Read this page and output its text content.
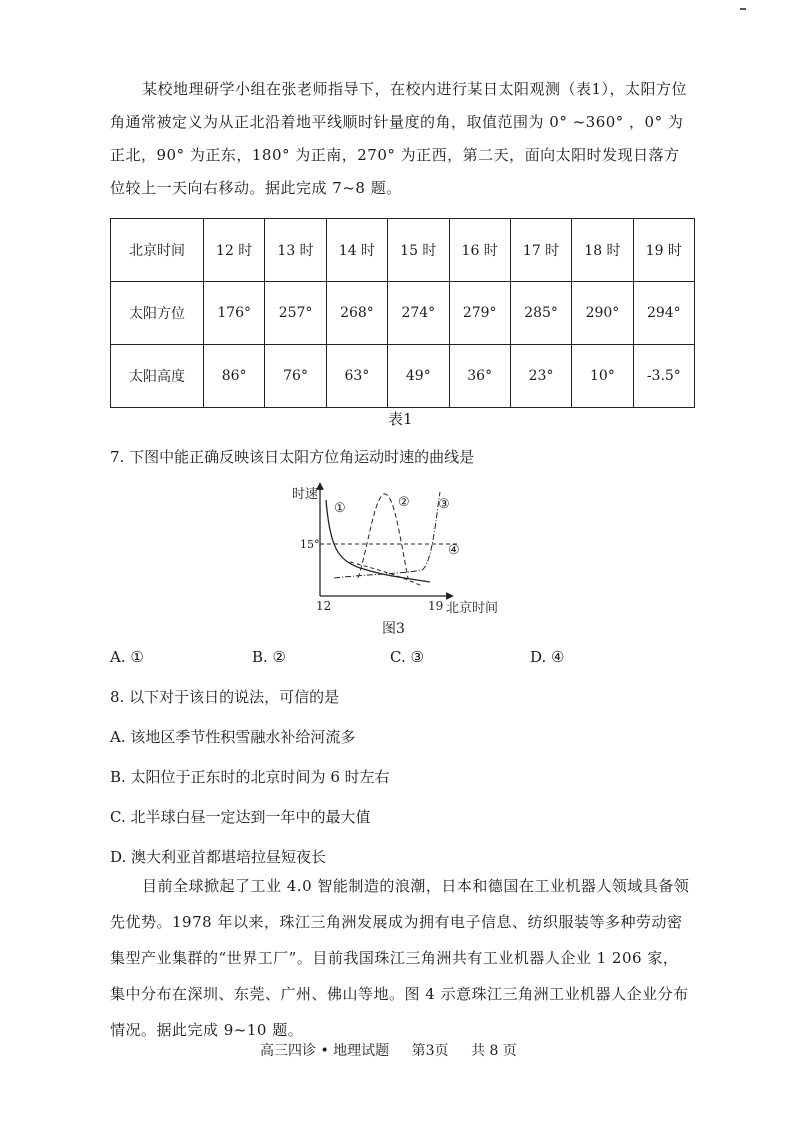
某校地理研学小组在张老师指导下，在校内进行某日太阳观测（表1），太阳方位角通常被定义为从正北沿着地平线顺时针量度的角，取值范围为 0° ~360° ，0° 为正北，90° 为正东，180° 为正南，270° 为正西，第二天，面向太阳时发现日落方位较上一天向右移动。据此完成 7~8 题。
北京时间	12 时	13 时	14 时	15 时	16 时	17 时	18 时	19 时
太阳方位	176°	257°	268°	274°	279°	285°	290°	294°
太阳高度	86°	76°	63°	49°	36°	23°	10°	-3.5°
表1
7. 下图中能正确反映该日太阳方位角运动时速的曲线是
时速
15°
12	19 北京时间
①	② ③
④
图3
A. ①	B. ②	C. ③	D. ④
8. 以下对于该日的说法，可信的是
A. 该地区季节性积雪融水补给河流多
B. 太阳位于正东时的北京时间为 6 时左右
C. 北半球白昼一定达到一年中的最大值
D. 澳大利亚首都堪培拉昼短夜长
目前全球掀起了工业 4.0 智能制造的浪潮，日本和德国在工业机器人领域具备领先优势。1978 年以来，珠江三角洲发展成为拥有电子信息、纺织服装等多种劳动密集型产业集群的“世界工厂”。目前我国珠江三角洲共有工业机器人企业 1 206 家，集中分布在深圳、东莞、广州、佛山等地。图 4 示意珠江三角洲工业机器人企业分布情况。据此完成 9~10 题。
高三四诊 • 地理试题 第3页 共 8 页
